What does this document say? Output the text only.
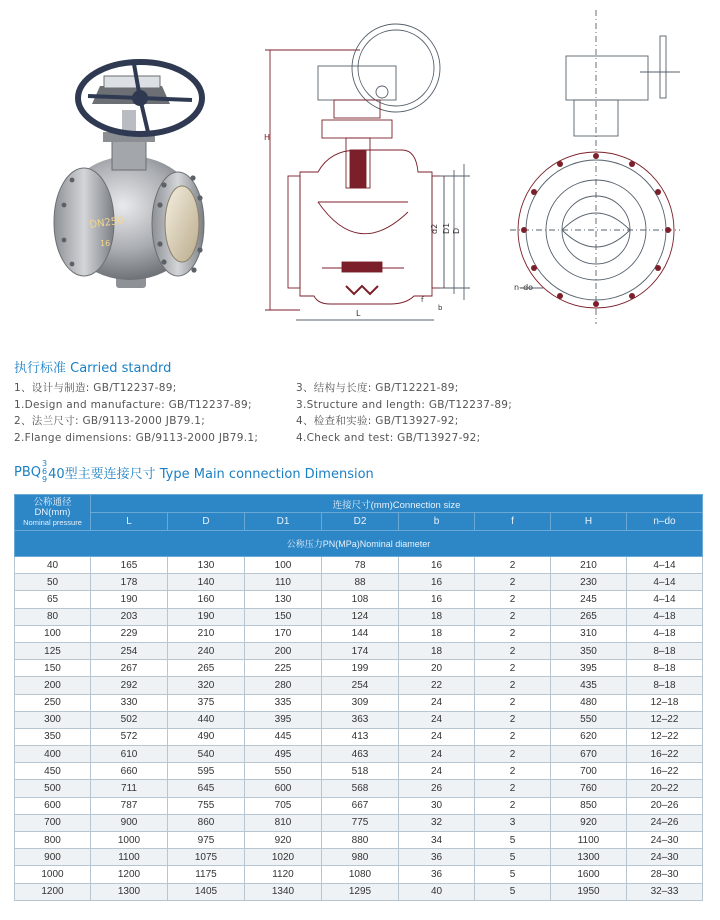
DN250
16
H
d2 D1 D
L
f
b
n–do
执行标准 Carried standrd
1、设计与制造: GB/T12237-89;	3、结构与长度: GB/T12221-89;
1.Design and manufacture: GB/T12237-89;	3.Structure and length: GB/T12237-89;
2、法兰尺寸: GB/9113-2000 JB79.1;	4、检查和实验: GB/T13927-92;
2.Flange dimensions: GB/9113-2000 JB79.1;	4.Check and test: GB/T13927-92;
PBQ
3
6
9 40型主要连接尺寸 Type Main connection Dimension
公称通径
DN(mm)
Nominal pressure	连接尺寸(mm)Connection size							
	L	D	D1	D2	b	f	H	n–do
公称压力PN(MPa)Nominal diameter								
40	165	130	100	78	16	2	210	4–14
50	178	140	110	88	16	2	230	4–14
65	190	160	130	108	16	2	245	4–14
80	203	190	150	124	18	2	265	4–18
100	229	210	170	144	18	2	310	4–18
125	254	240	200	174	18	2	350	8–18
150	267	265	225	199	20	2	395	8–18
200	292	320	280	254	22	2	435	8–18
250	330	375	335	309	24	2	480	12–18
300	502	440	395	363	24	2	550	12–22
350	572	490	445	413	24	2	620	12–22
400	610	540	495	463	24	2	670	16–22
450	660	595	550	518	24	2	700	16–22
500	711	645	600	568	26	2	760	20–22
600	787	755	705	667	30	2	850	20–26
700	900	860	810	775	32	3	920	24–26
800	1000	975	920	880	34	5	1100	24–30
900	1100	1075	1020	980	36	5	1300	24–30
1000	1200	1175	1120	1080	36	5	1600	28–30
1200	1300	1405	1340	1295	40	5	1950	32–33
